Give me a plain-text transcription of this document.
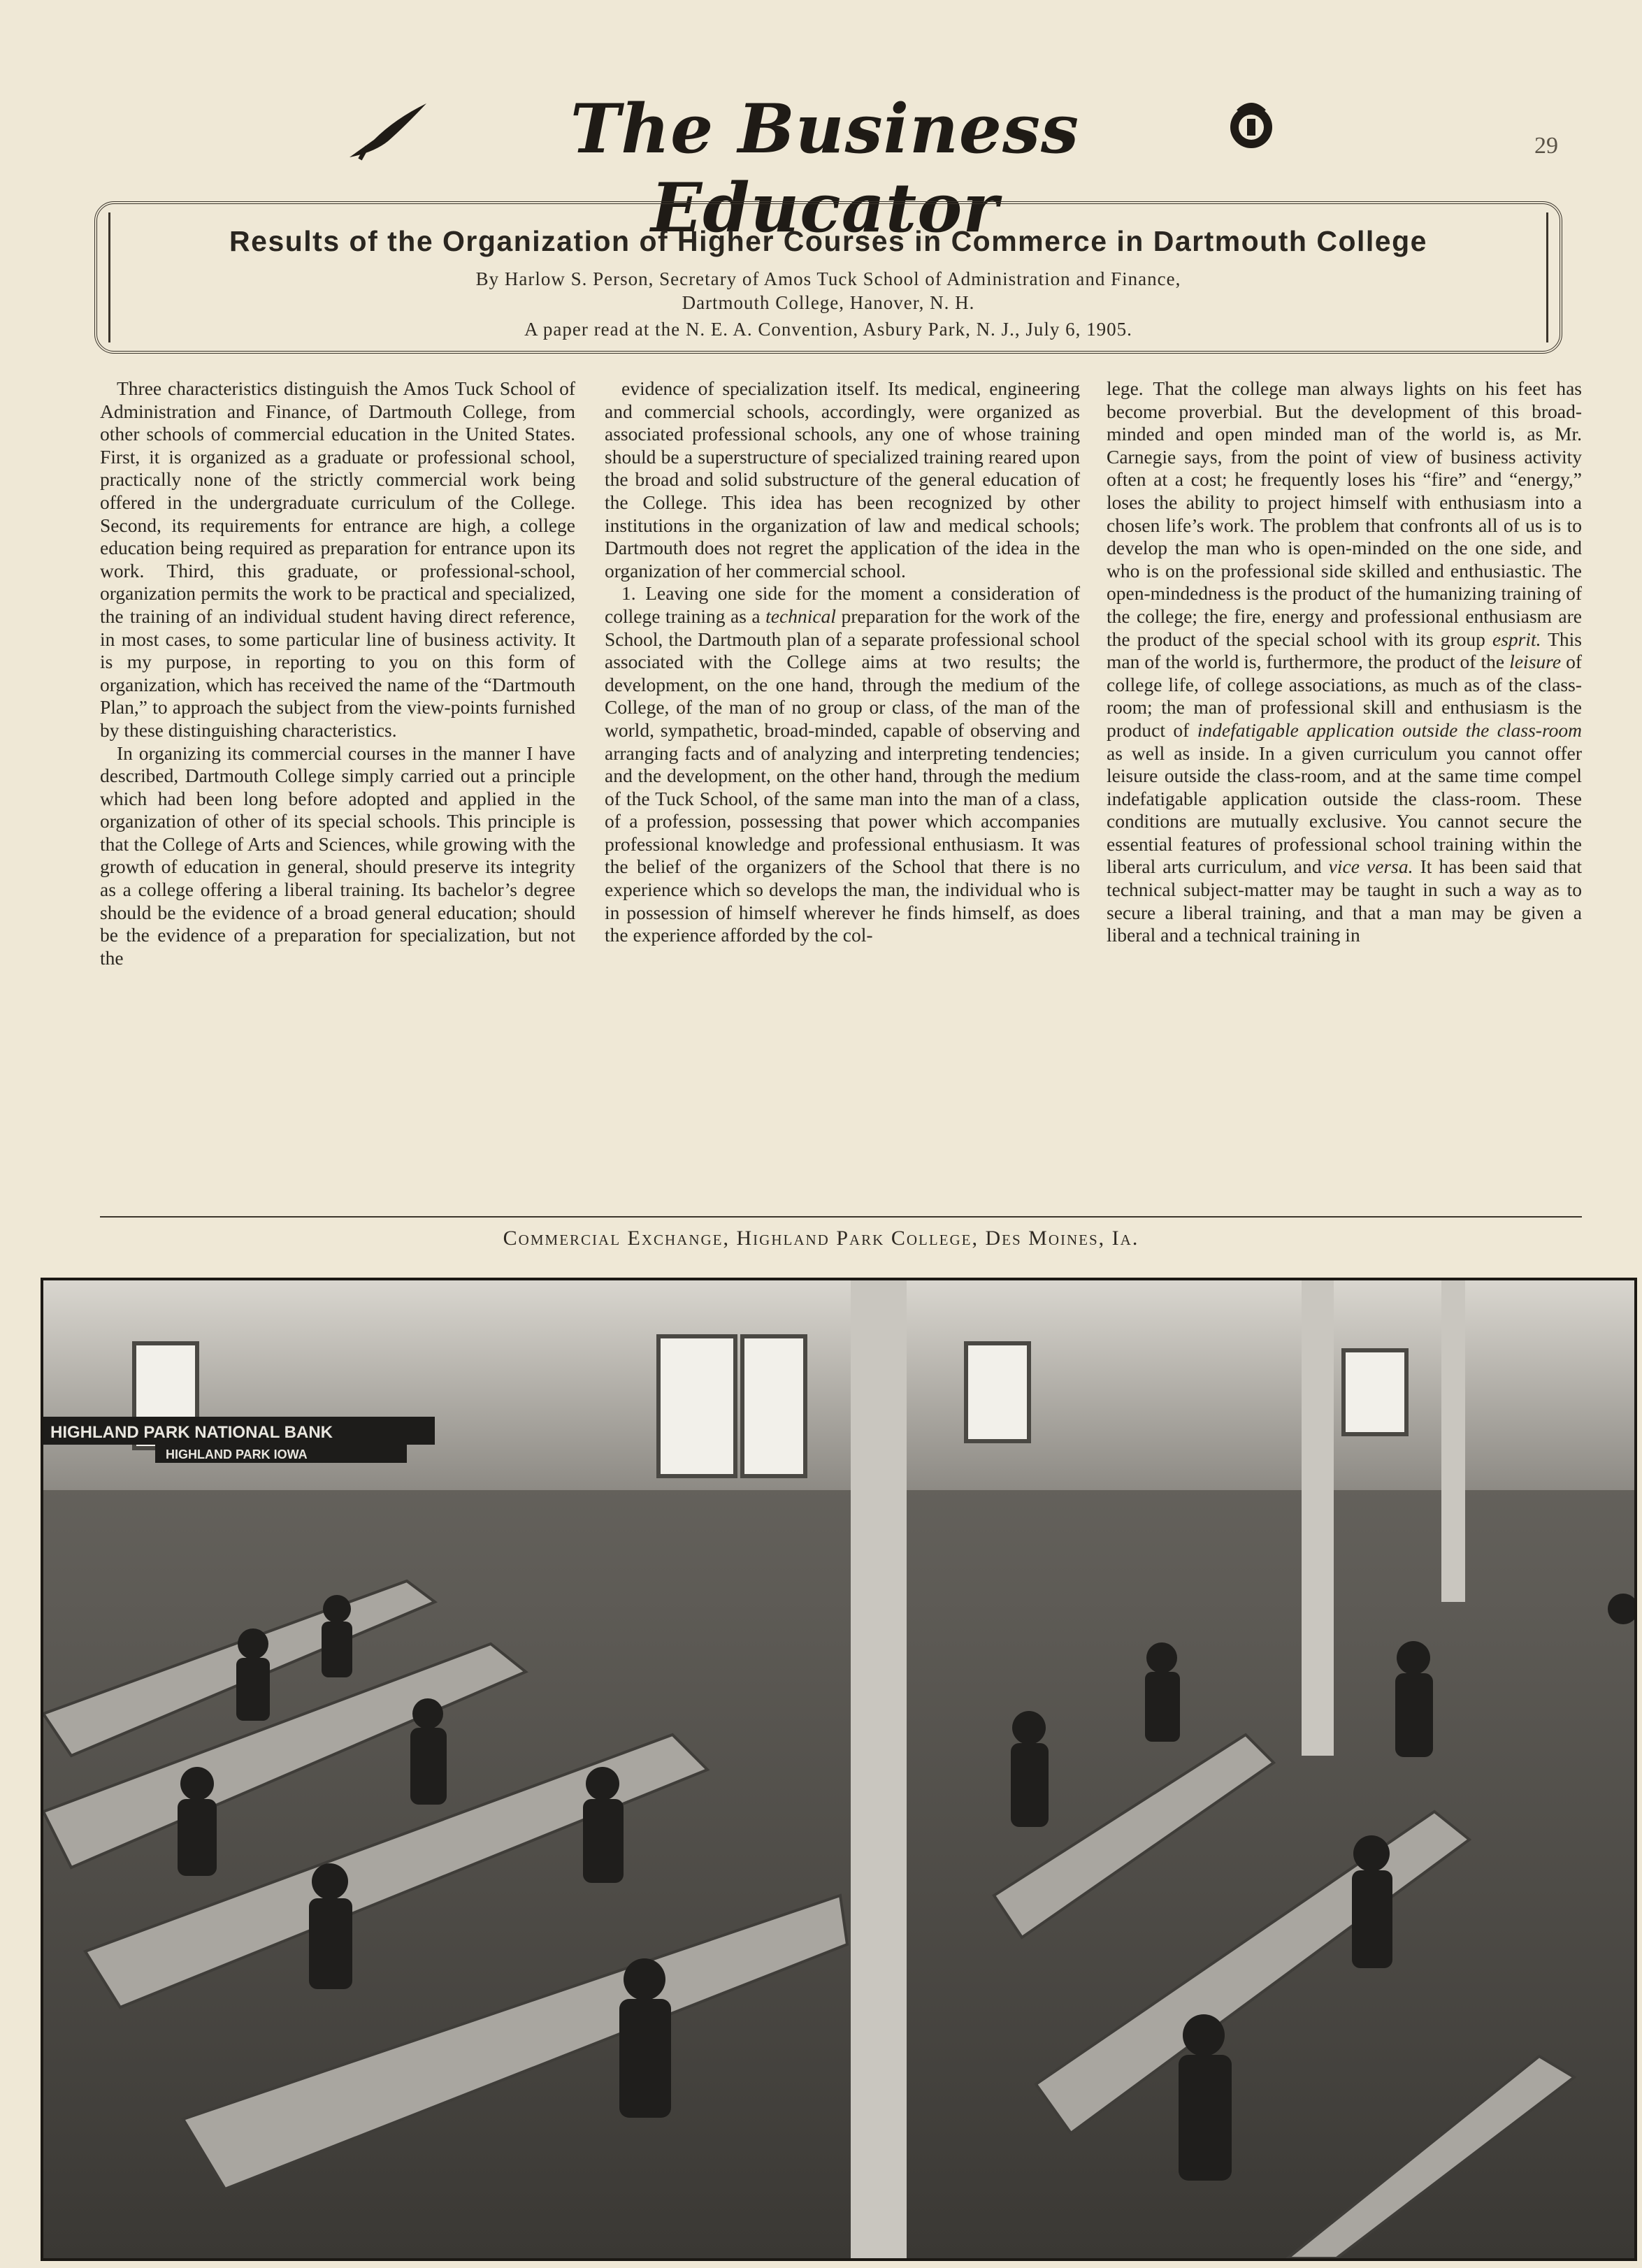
The Business Educator
29
Results of the Organization of Higher Courses in Commerce in Dartmouth College
By Harlow S. Person, Secretary of Amos Tuck School of Administration and Finance,
Dartmouth College, Hanover, N. H.
A paper read at the N. E. A. Convention, Asbury Park, N. J., July 6, 1905.

Three characteristics distinguish the Amos Tuck School of Administration and Finance, of Dartmouth College, from other schools of commercial education in the United States. First, it is organized as a graduate or professional school, practically none of the strictly commercial work being offered in the undergraduate curriculum of the College. Second, its requirements for entrance are high, a college education being required as preparation for entrance upon its work. Third, this graduate, or professional-school, organization permits the work to be practical and specialized, the training of an individual student having direct reference, in most cases, to some particular line of business activity. It is my purpose, in reporting to you on this form of organization, which has received the name of the “Dartmouth Plan,” to approach the subject from the view-points furnished by these distinguishing characteristics.

In organizing its commercial courses in the manner I have described, Dartmouth College simply carried out a principle which had been long before adopted and applied in the organization of other of its special schools. This principle is that the College of Arts and Sciences, while growing with the growth of education in general, should preserve its integrity as a college offering a liberal training. Its bachelor’s degree should be the evidence of a broad general education; should be the evidence of a preparation for specialization, but not the

evidence of specialization itself. Its medical, engineering and commercial schools, accordingly, were organized as associated professional schools, any one of whose training should be a superstructure of specialized training reared upon the broad and solid substructure of the general education of the College. This idea has been recognized by other institutions in the organization of law and medical schools; Dartmouth does not regret the application of the idea in the organization of her commercial school.

1. Leaving one side for the moment a consideration of college training as a technical preparation for the work of the School, the Dartmouth plan of a separate professional school associated with the College aims at two results; the development, on the one hand, through the medium of the College, of the man of no group or class, of the man of the world, sympathetic, broad-minded, capable of observing and arranging facts and of analyzing and interpreting tendencies; and the development, on the other hand, through the medium of the Tuck School, of the same man into the man of a class, of a profession, possessing that power which accompanies professional knowledge and professional enthusiasm. It was the belief of the organizers of the School that there is no experience which so develops the man, the individual who is in possession of himself wherever he finds himself, as does the experience afforded by the col-

lege. That the college man always lights on his feet has become proverbial. But the development of this broad-minded and open minded man of the world is, as Mr. Carnegie says, from the point of view of business activity often at a cost; he frequently loses his “fire” and “energy,” loses the ability to project himself with enthusiasm into a chosen life’s work. The problem that confronts all of us is to develop the man who is open-minded on the one side, and who is on the professional side skilled and enthusiastic. The open-mindedness is the product of the humanizing training of the college; the fire, energy and professional enthusiasm are the product of the special school with its group esprit. This man of the world is, furthermore, the product of the leisure of college life, of college associations, as much as of the class-room; the man of professional skill and enthusiasm is the product of indefatigable application outside the class-room as well as inside. In a given curriculum you cannot offer leisure outside the class-room, and at the same time compel indefatigable application outside the class-room. These conditions are mutually exclusive. You cannot secure the essential features of professional school training within the liberal arts curriculum, and vice versa. It has been said that technical subject-matter may be taught in such a way as to secure a liberal training, and that a man may be given a liberal and a technical training in

Commercial Exchange, Highland Park College, Des Moines, Ia.
HIGHLAND PARK NATIONAL BANK
HIGHLAND PARK IOWA
